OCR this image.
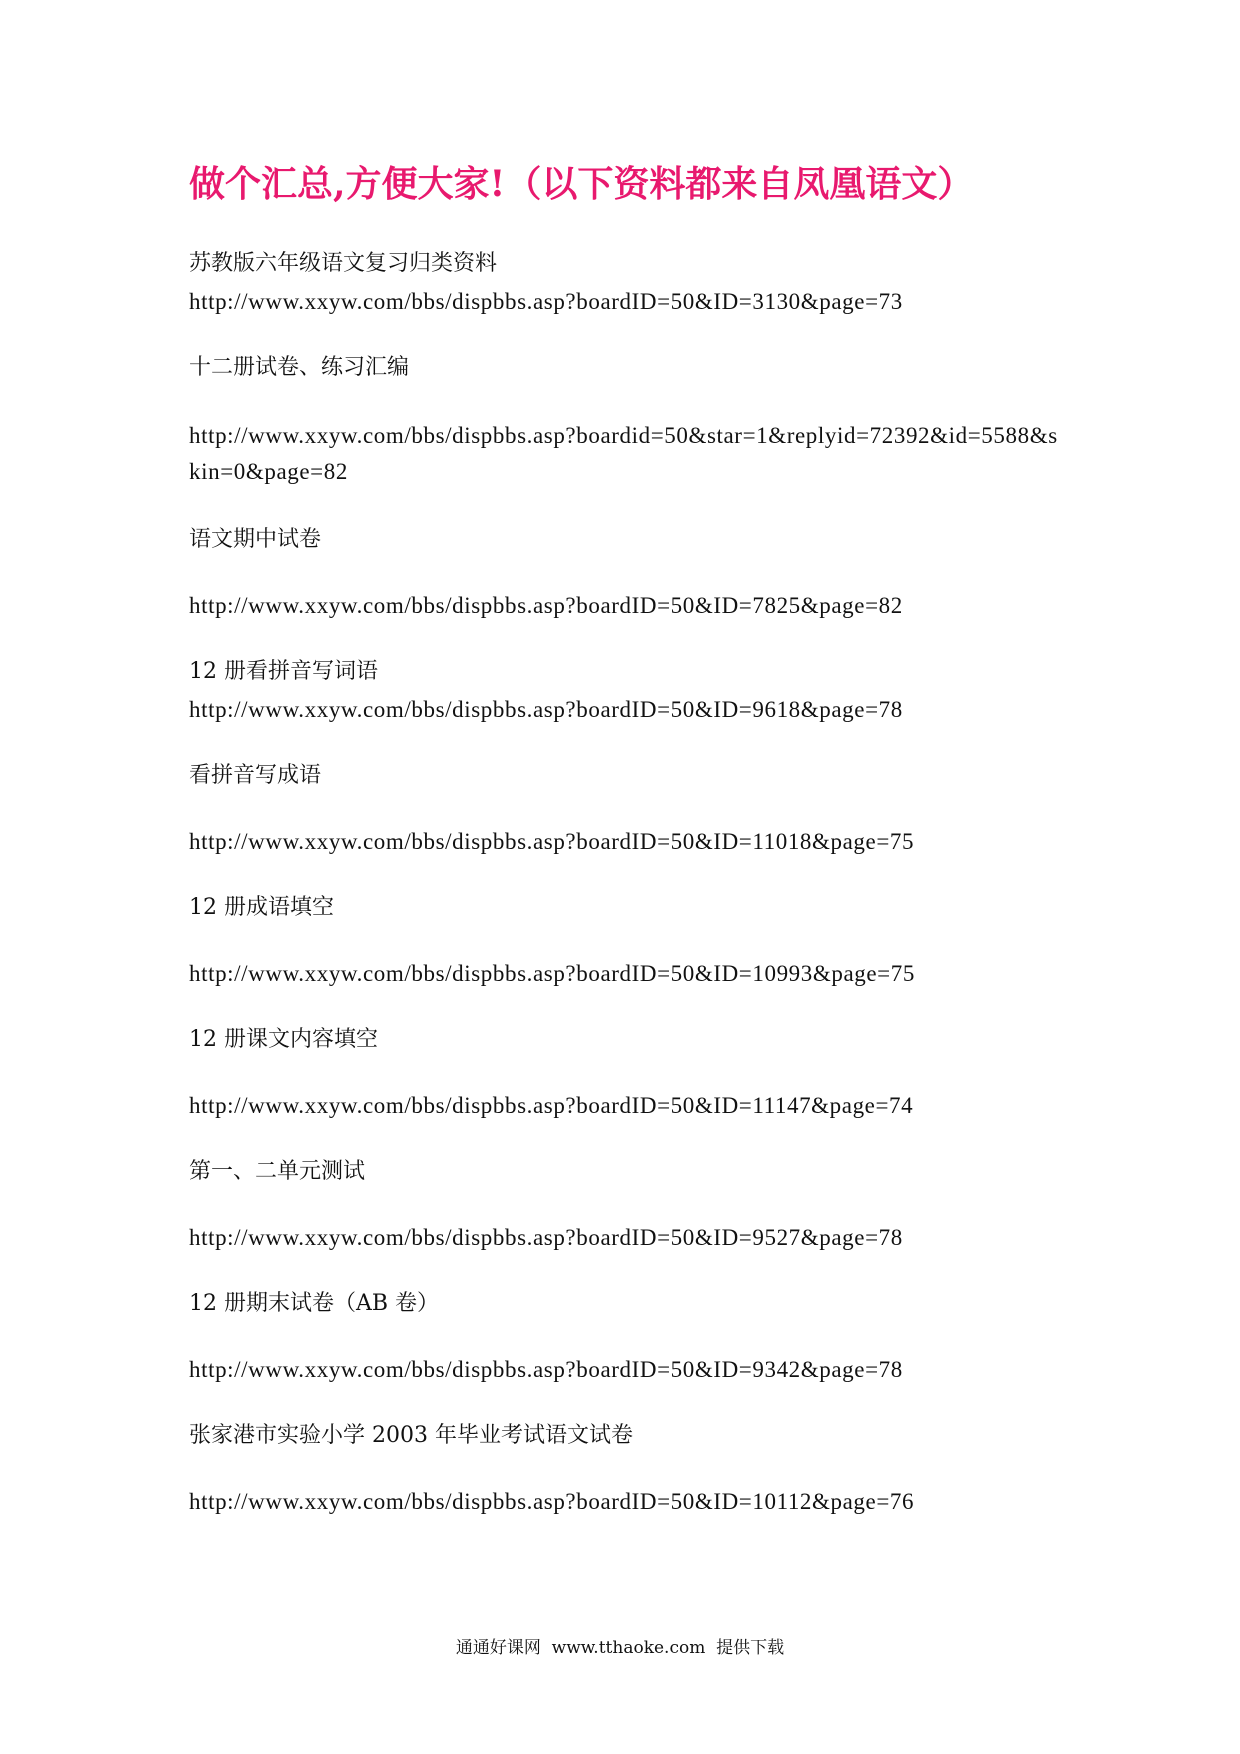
做个汇总,方便大家!（以下资料都来自凤凰语文）

苏教版六年级语文复习归类资料

http://www.xxyw.com/bbs/dispbbs.asp?boardID=50&ID=3130&page=73

十二册试卷、练习汇编

http://www.xxyw.com/bbs/dispbbs.asp?boardid=50&star=1&replyid=72392&id=5588&skin=0&page=82

语文期中试卷

http://www.xxyw.com/bbs/dispbbs.asp?boardID=50&ID=7825&page=82

12 册看拼音写词语

http://www.xxyw.com/bbs/dispbbs.asp?boardID=50&ID=9618&page=78

看拼音写成语

http://www.xxyw.com/bbs/dispbbs.asp?boardID=50&ID=11018&page=75

12 册成语填空

http://www.xxyw.com/bbs/dispbbs.asp?boardID=50&ID=10993&page=75

12 册课文内容填空

http://www.xxyw.com/bbs/dispbbs.asp?boardID=50&ID=11147&page=74

第一、二单元测试

http://www.xxyw.com/bbs/dispbbs.asp?boardID=50&ID=9527&page=78

12 册期末试卷（AB 卷）

http://www.xxyw.com/bbs/dispbbs.asp?boardID=50&ID=9342&page=78

张家港市实验小学 2003 年毕业考试语文试卷

http://www.xxyw.com/bbs/dispbbs.asp?boardID=50&ID=10112&page=76

通通好课网  www.tthaoke.com  提供下载
